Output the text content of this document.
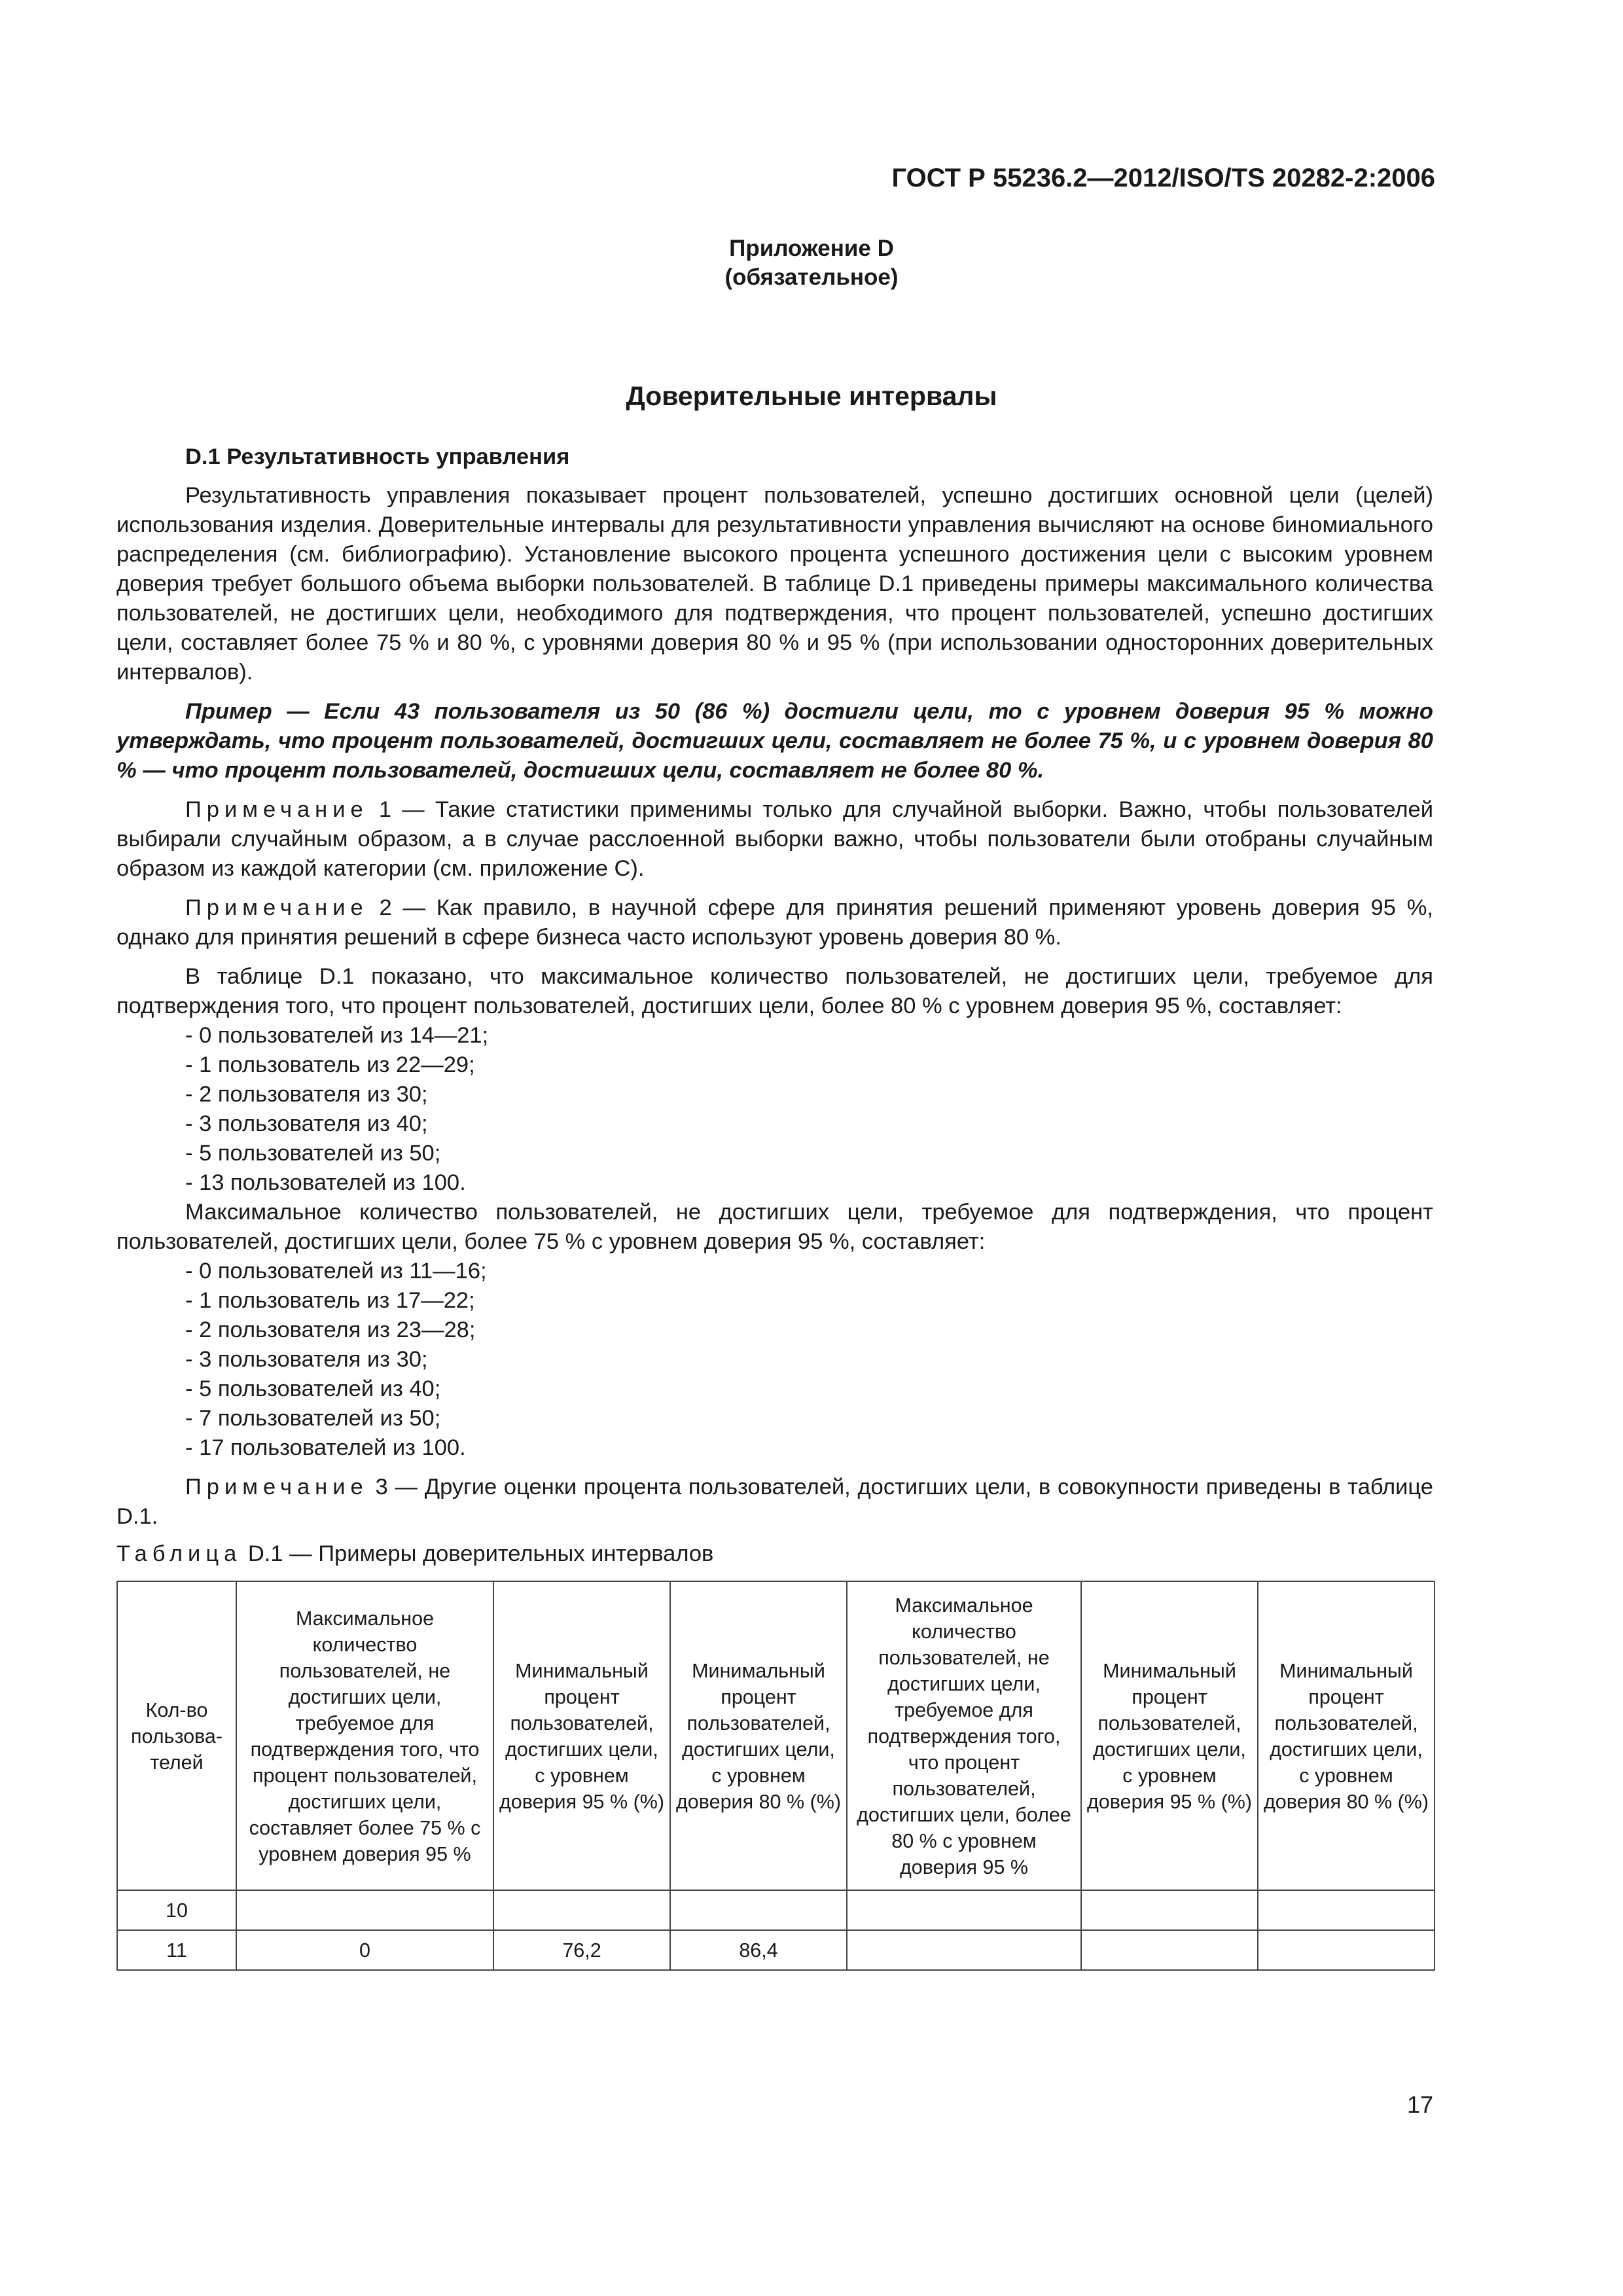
ГОСТ Р 55236.2—2012/ISO/TS 20282-2:2006
Приложение D
(обязательное)
Доверительные интервалы

D.1 Результативность управления

Результативность управления показывает процент пользователей, успешно достигших основной цели (целей) использования изделия. Доверительные интервалы для результативности управления вычисляют на основе биномиального распределения (см. библиографию). Установление высокого процента успешного достижения цели с высоким уровнем доверия требует большого объема выборки пользователей. В таблице D.1 приведены примеры максимального количества пользователей, не достигших цели, необходимого для подтверждения, что процент пользователей, успешно достигших цели, составляет более 75 % и 80 %, с уровнями доверия 80 % и 95 % (при использовании односторонних доверительных интервалов).

Пример — Если 43 пользователя из 50 (86 %) достигли цели, то с уровнем доверия 95 % можно утверждать, что процент пользователей, достигших цели, составляет не более 75 %, и с уровнем доверия 80 % — что процент пользователей, достигших цели, составляет не более 80 %.

Примечание 1 — Такие статистики применимы только для случайной выборки. Важно, чтобы пользователей выбирали случайным образом, а в случае расслоенной выборки важно, чтобы пользователи были отобраны случайным образом из каждой категории (см. приложение С).

Примечание 2 — Как правило, в научной сфере для принятия решений применяют уровень доверия 95 %, однако для принятия решений в сфере бизнеса часто используют уровень доверия 80 %.

В таблице D.1 показано, что максимальное количество пользователей, не достигших цели, требуемое для подтверждения того, что процент пользователей, достигших цели, более 80 % с уровнем доверия 95 %, составляет:

- 0 пользователей из 14—21;
- 1 пользователь из 22—29;
- 2 пользователя из 30;
- 3 пользователя из 40;
- 5 пользователей из 50;
- 13 пользователей из 100.

Максимальное количество пользователей, не достигших цели, требуемое для подтверждения, что процент пользователей, достигших цели, более 75 % с уровнем доверия 95 %, составляет:

- 0 пользователей из 11—16;
- 1 пользователь из 17—22;
- 2 пользователя из 23—28;
- 3 пользователя из 30;
- 5 пользователей из 40;
- 7 пользователей из 50;
- 17 пользователей из 100.

Примечание 3 — Другие оценки процента пользователей, достигших цели, в совокупности приведены в таблице D.1.

Таблица D.1 — Примеры доверительных интервалов

Кол-во пользова-телей	Максимальное количество пользователей, не достигших цели, требуемое для подтверждения того, что процент пользователей, достигших цели, составляет более 75 % с уровнем доверия 95 %	Минимальный процент пользователей, достигших цели, с уровнем доверия 95 % (%)	Минимальный процент пользователей, достигших цели, с уровнем доверия 80 % (%)	Максимальное количество пользователей, не достигших цели, требуемое для подтверждения того, что процент пользователей, достигших цели, более 80 % с уровнем доверия 95 %	Минимальный процент пользователей, достигших цели, с уровнем доверия 95 % (%)	Минимальный процент пользователей, достигших цели, с уровнем доверия 80 % (%)
10						
11	0	76,2	86,4			
17
